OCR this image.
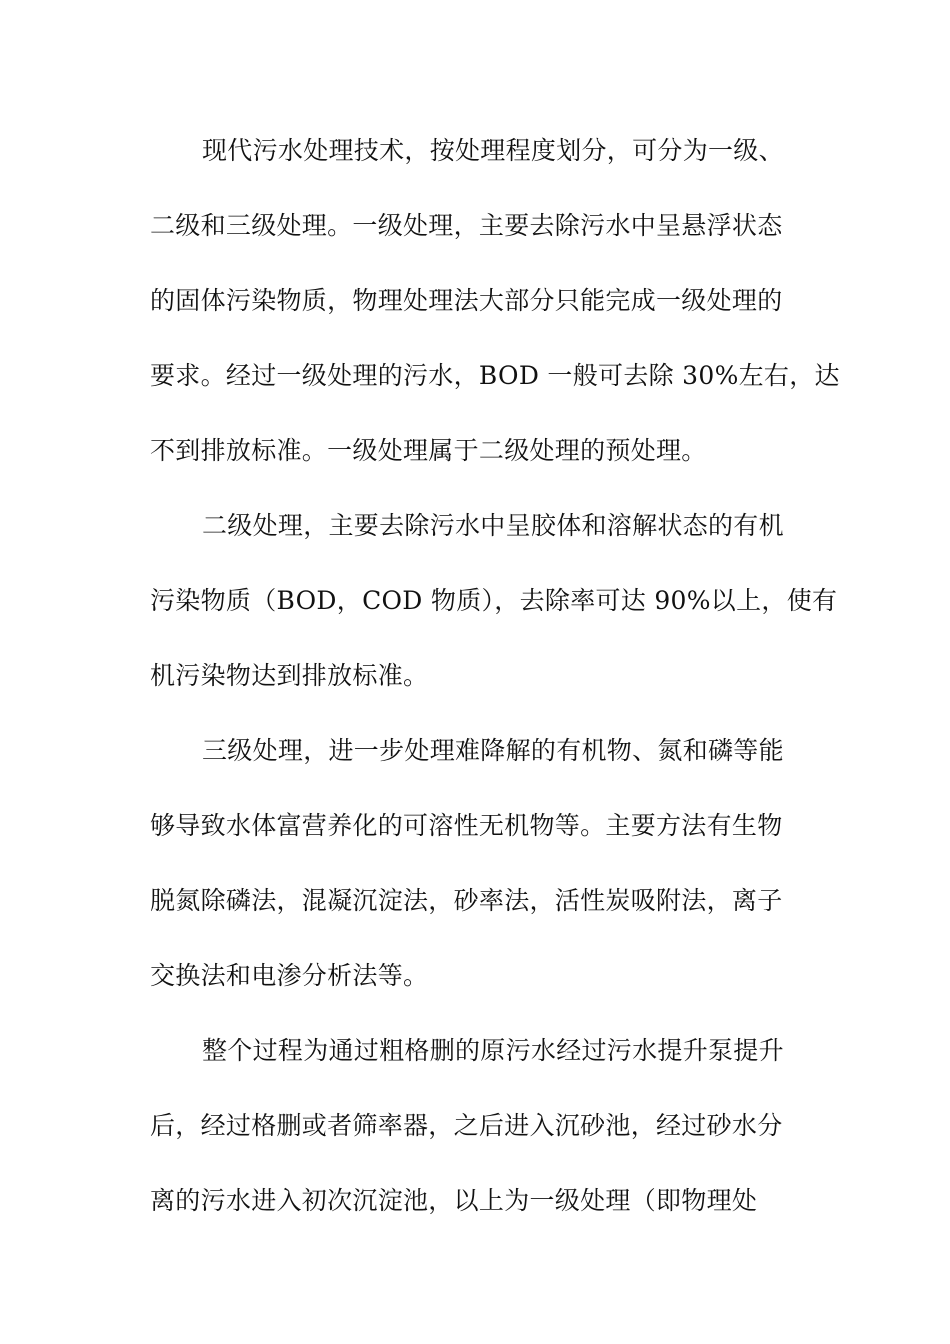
现代污水处理技术，按处理程度划分，可分为一级、
二级和三级处理。一级处理，主要去除污水中呈悬浮状态
的固体污染物质，物理处理法大部分只能完成一级处理的
要求。经过一级处理的污水，BOD 一般可去除 30%左右，达
不到排放标准。一级处理属于二级处理的预处理。
二级处理，主要去除污水中呈胶体和溶解状态的有机
污染物质（BOD，COD 物质），去除率可达 90%以上，使有
机污染物达到排放标准。
三级处理，进一步处理难降解的有机物、氮和磷等能
够导致水体富营养化的可溶性无机物等。主要方法有生物
脱氮除磷法，混凝沉淀法，砂率法，活性炭吸附法，离子
交换法和电渗分析法等。
整个过程为通过粗格删的原污水经过污水提升泵提升
后，经过格删或者筛率器，之后进入沉砂池，经过砂水分
离的污水进入初次沉淀池，以上为一级处理（即物理处
